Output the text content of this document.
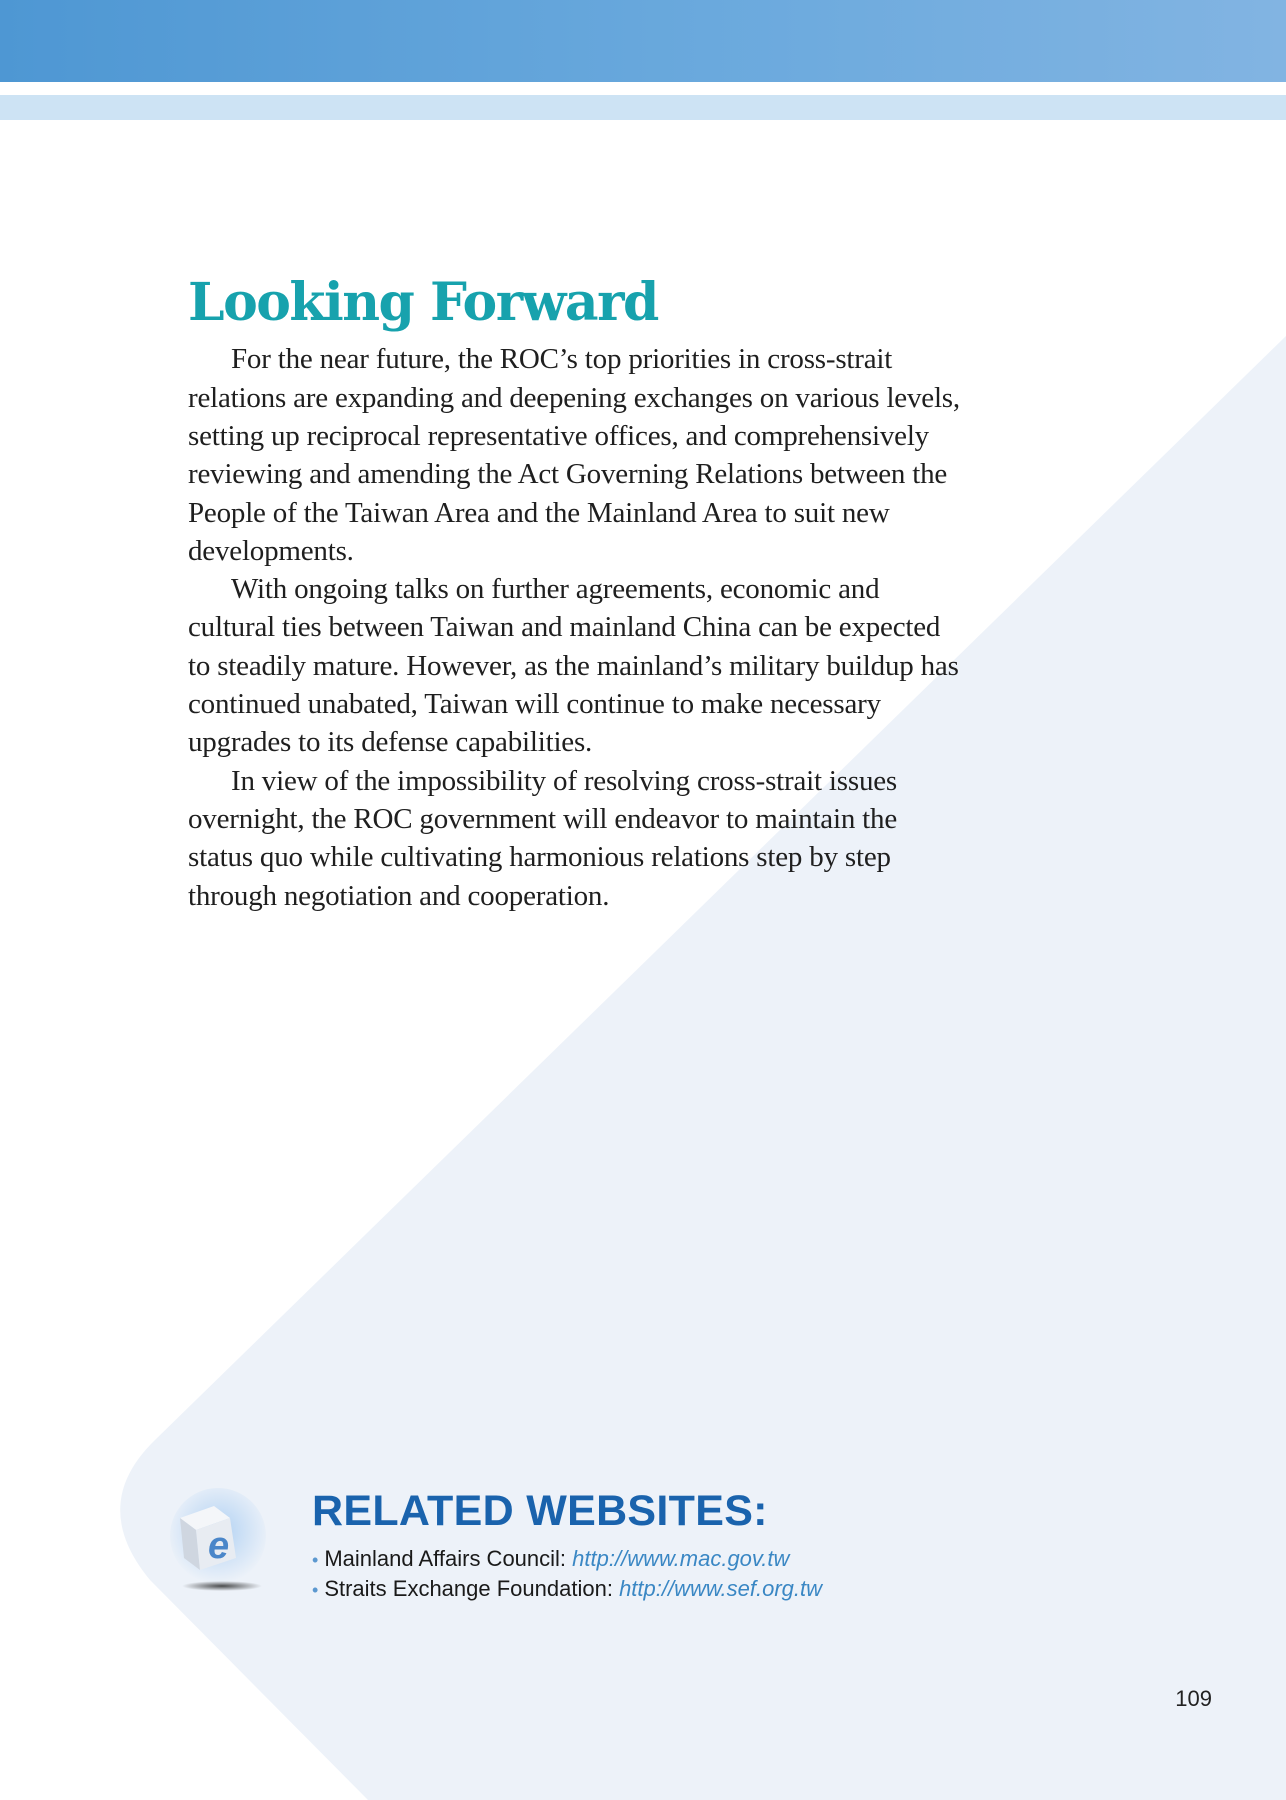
Looking Forward

For the near future, the ROC’s top priorities in cross-strait relations are expanding and deepening exchanges on various levels, setting up reciprocal representative offices, and comprehensively reviewing and amending the Act Governing Relations between the People of the Taiwan Area and the Mainland Area to suit new developments.

With ongoing talks on further agreements, economic and cultural ties between Taiwan and mainland China can be expected to steadily mature. However, as the mainland’s military buildup has continued unabated, Taiwan will continue to make necessary upgrades to its defense capabilities.

In view of the impossibility of resolving cross-strait issues overnight, the ROC government will endeavor to maintain the status quo while cultivating harmonious relations step by step through negotiation and cooperation.

e
RELATED WEBSITES:
• Mainland Affairs Council: http://www.mac.gov.tw
• Straits Exchange Foundation: http://www.sef.org.tw
109
